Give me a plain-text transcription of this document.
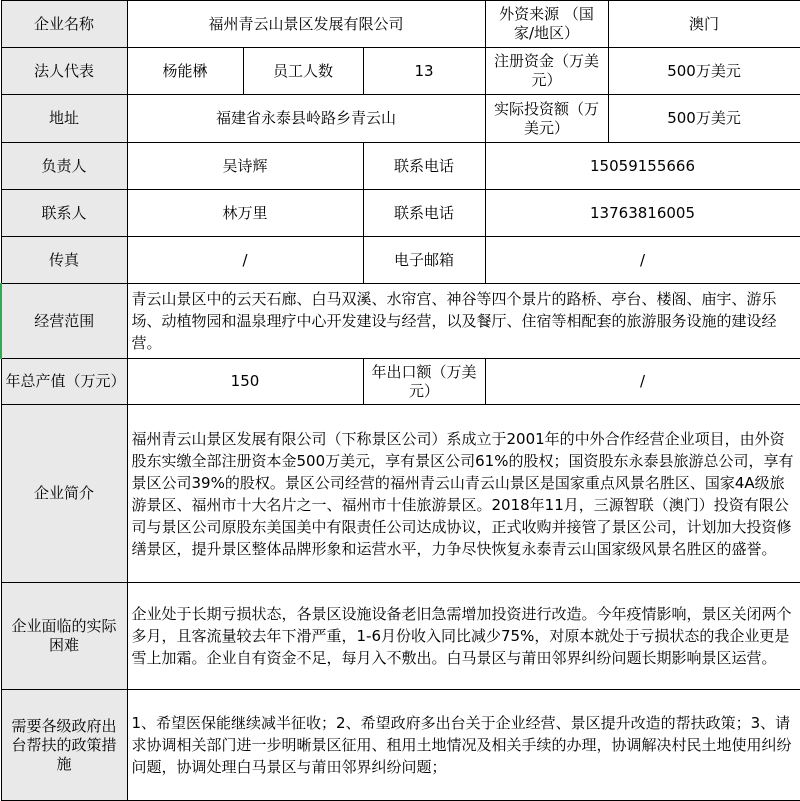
企业名称	福州青云山景区发展有限公司			外资来源 （国家/地区）	澳门
法人代表	杨能楙	员工人数	13	注册资金（万美元）	500万美元
地址	福建省永泰县岭路乡青云山			实际投资额（万美元）	500万美元
负责人	吴诗辉		联系电话	15059155666	
联系人	林万里		联系电话	13763816005	
传真	/		电子邮箱	/	
经营范围	青云山景区中的云天石廊、白马双溪、水帘宫、神谷等四个景片的路桥、亭台、楼阁、庙宇、游乐场、动植物园和温泉理疗中心开发建设与经营，以及餐厅、住宿等相配套的旅游服务设施的建设经营。				
年总产值（万元）	150		年出口额（万美元）	/	
企业简介	福州青云山景区发展有限公司（下称景区公司）系成立于2001年的中外合作经营企业项目，由外资股东实缴全部注册资本金500万美元，享有景区公司61%的股权；国资股东永泰县旅游总公司，享有景区公司39%的股权。景区公司经营的福州青云山青云山景区是国家重点风景名胜区、国家4A级旅游景区、福州市十大名片之一、福州市十佳旅游景区。2018年11月，三源智联（澳门）投资有限公司与景区公司原股东美国美中有限责任公司达成协议，正式收购并接管了景区公司，计划加大投资修缮景区，提升景区整体品牌形象和运营水平，力争尽快恢复永泰青云山国家级风景名胜区的盛誉。				
企业面临的实际困难	企业处于长期亏损状态，各景区设施设备老旧急需增加投资进行改造。今年疫情影响，景区关闭两个多月，且客流量较去年下滑严重，1-6月份收入同比减少75%，对原本就处于亏损状态的我企业更是雪上加霜。企业自有资金不足，每月入不敷出。白马景区与莆田邻界纠纷问题长期影响景区运营。				
需要各级政府出台帮扶的政策措施	1、希望医保能继续减半征收；2、希望政府多出台关于企业经营、景区提升改造的帮扶政策；3、请求协调相关部门进一步明晰景区征用、租用土地情况及相关手续的办理，协调解决村民土地使用纠纷问题，协调处理白马景区与莆田邻界纠纷问题；				
